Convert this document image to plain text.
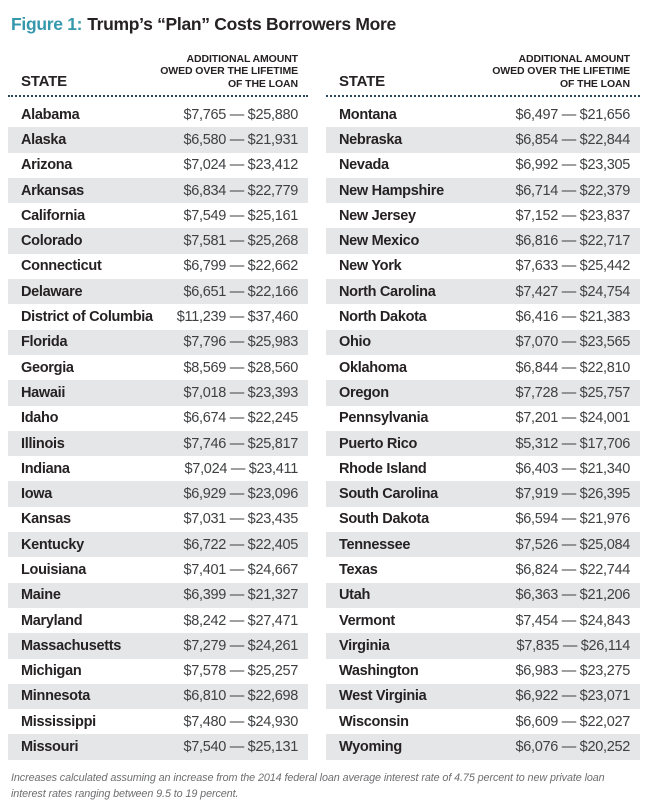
Figure 1: Trump’s “Plan” Costs Borrowers More
STATE
ADDITIONAL AMOUNT
OWED OVER THE LIFETIME
OF THE LOAN
Alabama	$7,765 — $25,880
Alaska	$6,580 — $21,931
Arizona	$7,024 — $23,412
Arkansas	$6,834 — $22,779
California	$7,549 — $25,161
Colorado	$7,581 — $25,268
Connecticut	$6,799 — $22,662
Delaware	$6,651 — $22,166
District of Columbia $11,239 — $37,460
Florida	$7,796 — $25,983
Georgia	$8,569 — $28,560
Hawaii	$7,018 — $23,393
Idaho	$6,674 — $22,245
Illinois	$7,746 — $25,817
Indiana	$7,024 — $23,411
Iowa	$6,929 — $23,096
Kansas	$7,031 — $23,435
Kentucky	$6,722 — $22,405
Louisiana	$7,401 — $24,667
Maine	$6,399 — $21,327
Maryland	$8,242 — $27,471
Massachusetts	$7,279 — $24,261
Michigan	$7,578 — $25,257
Minnesota	$6,810 — $22,698
Mississippi	$7,480 — $24,930
Missouri	$7,540 — $25,131
STATE
ADDITIONAL AMOUNT
OWED OVER THE LIFETIME
OF THE LOAN
Montana	$6,497 — $21,656
Nebraska	$6,854 — $22,844
Nevada	$6,992 — $23,305
New Hampshire	$6,714 — $22,379
New Jersey	$7,152 — $23,837
New Mexico	$6,816 — $22,717
New York	$7,633 — $25,442
North Carolina	$7,427 — $24,754
North Dakota	$6,416 — $21,383
Ohio	$7,070 — $23,565
Oklahoma	$6,844 — $22,810
Oregon	$7,728 — $25,757
Pennsylvania	$7,201 — $24,001
Puerto Rico	$5,312 — $17,706
Rhode Island	$6,403 — $21,340
South Carolina	$7,919 — $26,395
South Dakota	$6,594 — $21,976
Tennessee	$7,526 — $25,084
Texas	$6,824 — $22,744
Utah	$6,363 — $21,206
Vermont	$7,454 — $24,843
Virginia	$7,835 — $26,114
Washington	$6,983 — $23,275
West Virginia	$6,922 — $23,071
Wisconsin	$6,609 — $22,027
Wyoming	$6,076 — $20,252

Increases calculated assuming an increase from the 2014 federal loan average interest rate of 4.75 percent to new private loan interest rates ranging between 9.5 to 19 percent.
